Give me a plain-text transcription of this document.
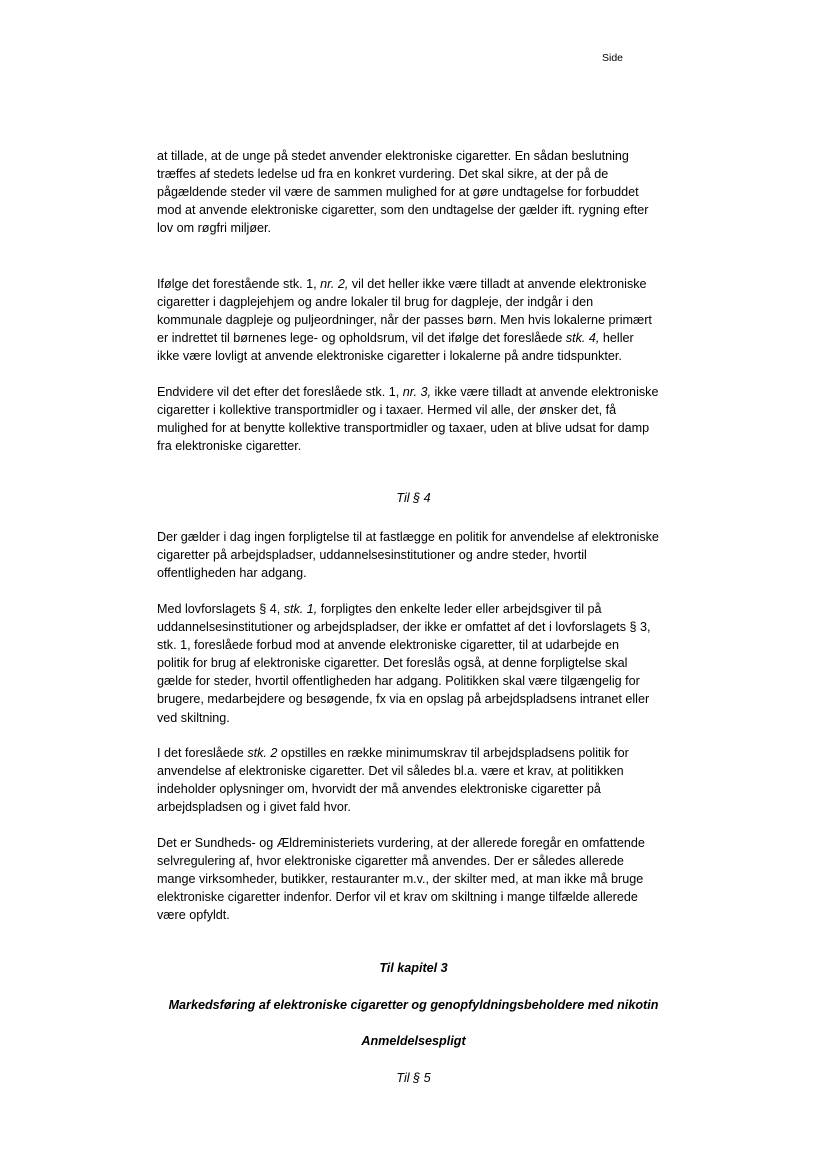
Side

at tillade, at de unge på stedet anvender elektroniske cigaretter. En sådan beslutning
træffes af stedets ledelse ud fra en konkret vurdering. Det skal sikre, at der på de
pågældende steder vil være de sammen mulighed for at gøre undtagelse for forbuddet
mod at anvende elektroniske cigaretter, som den undtagelse der gælder ift. rygning efter
lov om røgfri miljøer.

Ifølge det forestående stk. 1, nr. 2, vil det heller ikke være tilladt at anvende elektroniske
cigaretter i dagplejehjem og andre lokaler til brug for dagpleje, der indgår i den
kommunale dagpleje og puljeordninger, når der passes børn. Men hvis lokalerne primært
er indrettet til børnenes lege- og opholdsrum, vil det ifølge det foreslåede stk. 4, heller
ikke være lovligt at anvende elektroniske cigaretter i lokalerne på andre tidspunkter.

Endvidere vil det efter det foreslåede stk. 1, nr. 3, ikke være tilladt at anvende elektroniske
cigaretter i kollektive transportmidler og i taxaer. Hermed vil alle, der ønsker det, få
mulighed for at benytte kollektive transportmidler og taxaer, uden at blive udsat for damp
fra elektroniske cigaretter.

Til § 4

Der gælder i dag ingen forpligtelse til at fastlægge en politik for anvendelse af elektroniske
cigaretter på arbejdspladser, uddannelsesinstitutioner og andre steder, hvortil
offentligheden har adgang.

Med lovforslagets § 4, stk. 1, forpligtes den enkelte leder eller arbejdsgiver til på
uddannelsesinstitutioner og arbejdspladser, der ikke er omfattet af det i lovforslagets § 3,
stk. 1, foreslåede forbud mod at anvende elektroniske cigaretter, til at udarbejde en
politik for brug af elektroniske cigaretter. Det foreslås også, at denne forpligtelse skal
gælde for steder, hvortil offentligheden har adgang. Politikken skal være tilgængelig for
brugere, medarbejdere og besøgende, fx via en opslag på arbejdspladsens intranet eller
ved skiltning.

I det foreslåede stk. 2 opstilles en række minimumskrav til arbejdspladsens politik for
anvendelse af elektroniske cigaretter. Det vil således bl.a. være et krav, at politikken
indeholder oplysninger om, hvorvidt der må anvendes elektroniske cigaretter på
arbejdspladsen og i givet fald hvor.

Det er Sundheds- og Ældreministeriets vurdering, at der allerede foregår en omfattende
selvregulering af, hvor elektroniske cigaretter må anvendes. Der er således allerede
mange virksomheder, butikker, restauranter m.v., der skilter med, at man ikke må bruge
elektroniske cigaretter indenfor. Derfor vil et krav om skiltning i mange tilfælde allerede
være opfyldt.

Til kapitel 3
Markedsføring af elektroniske cigaretter og genopfyldningsbeholdere med nikotin
Anmeldelsespligt
Til § 5
